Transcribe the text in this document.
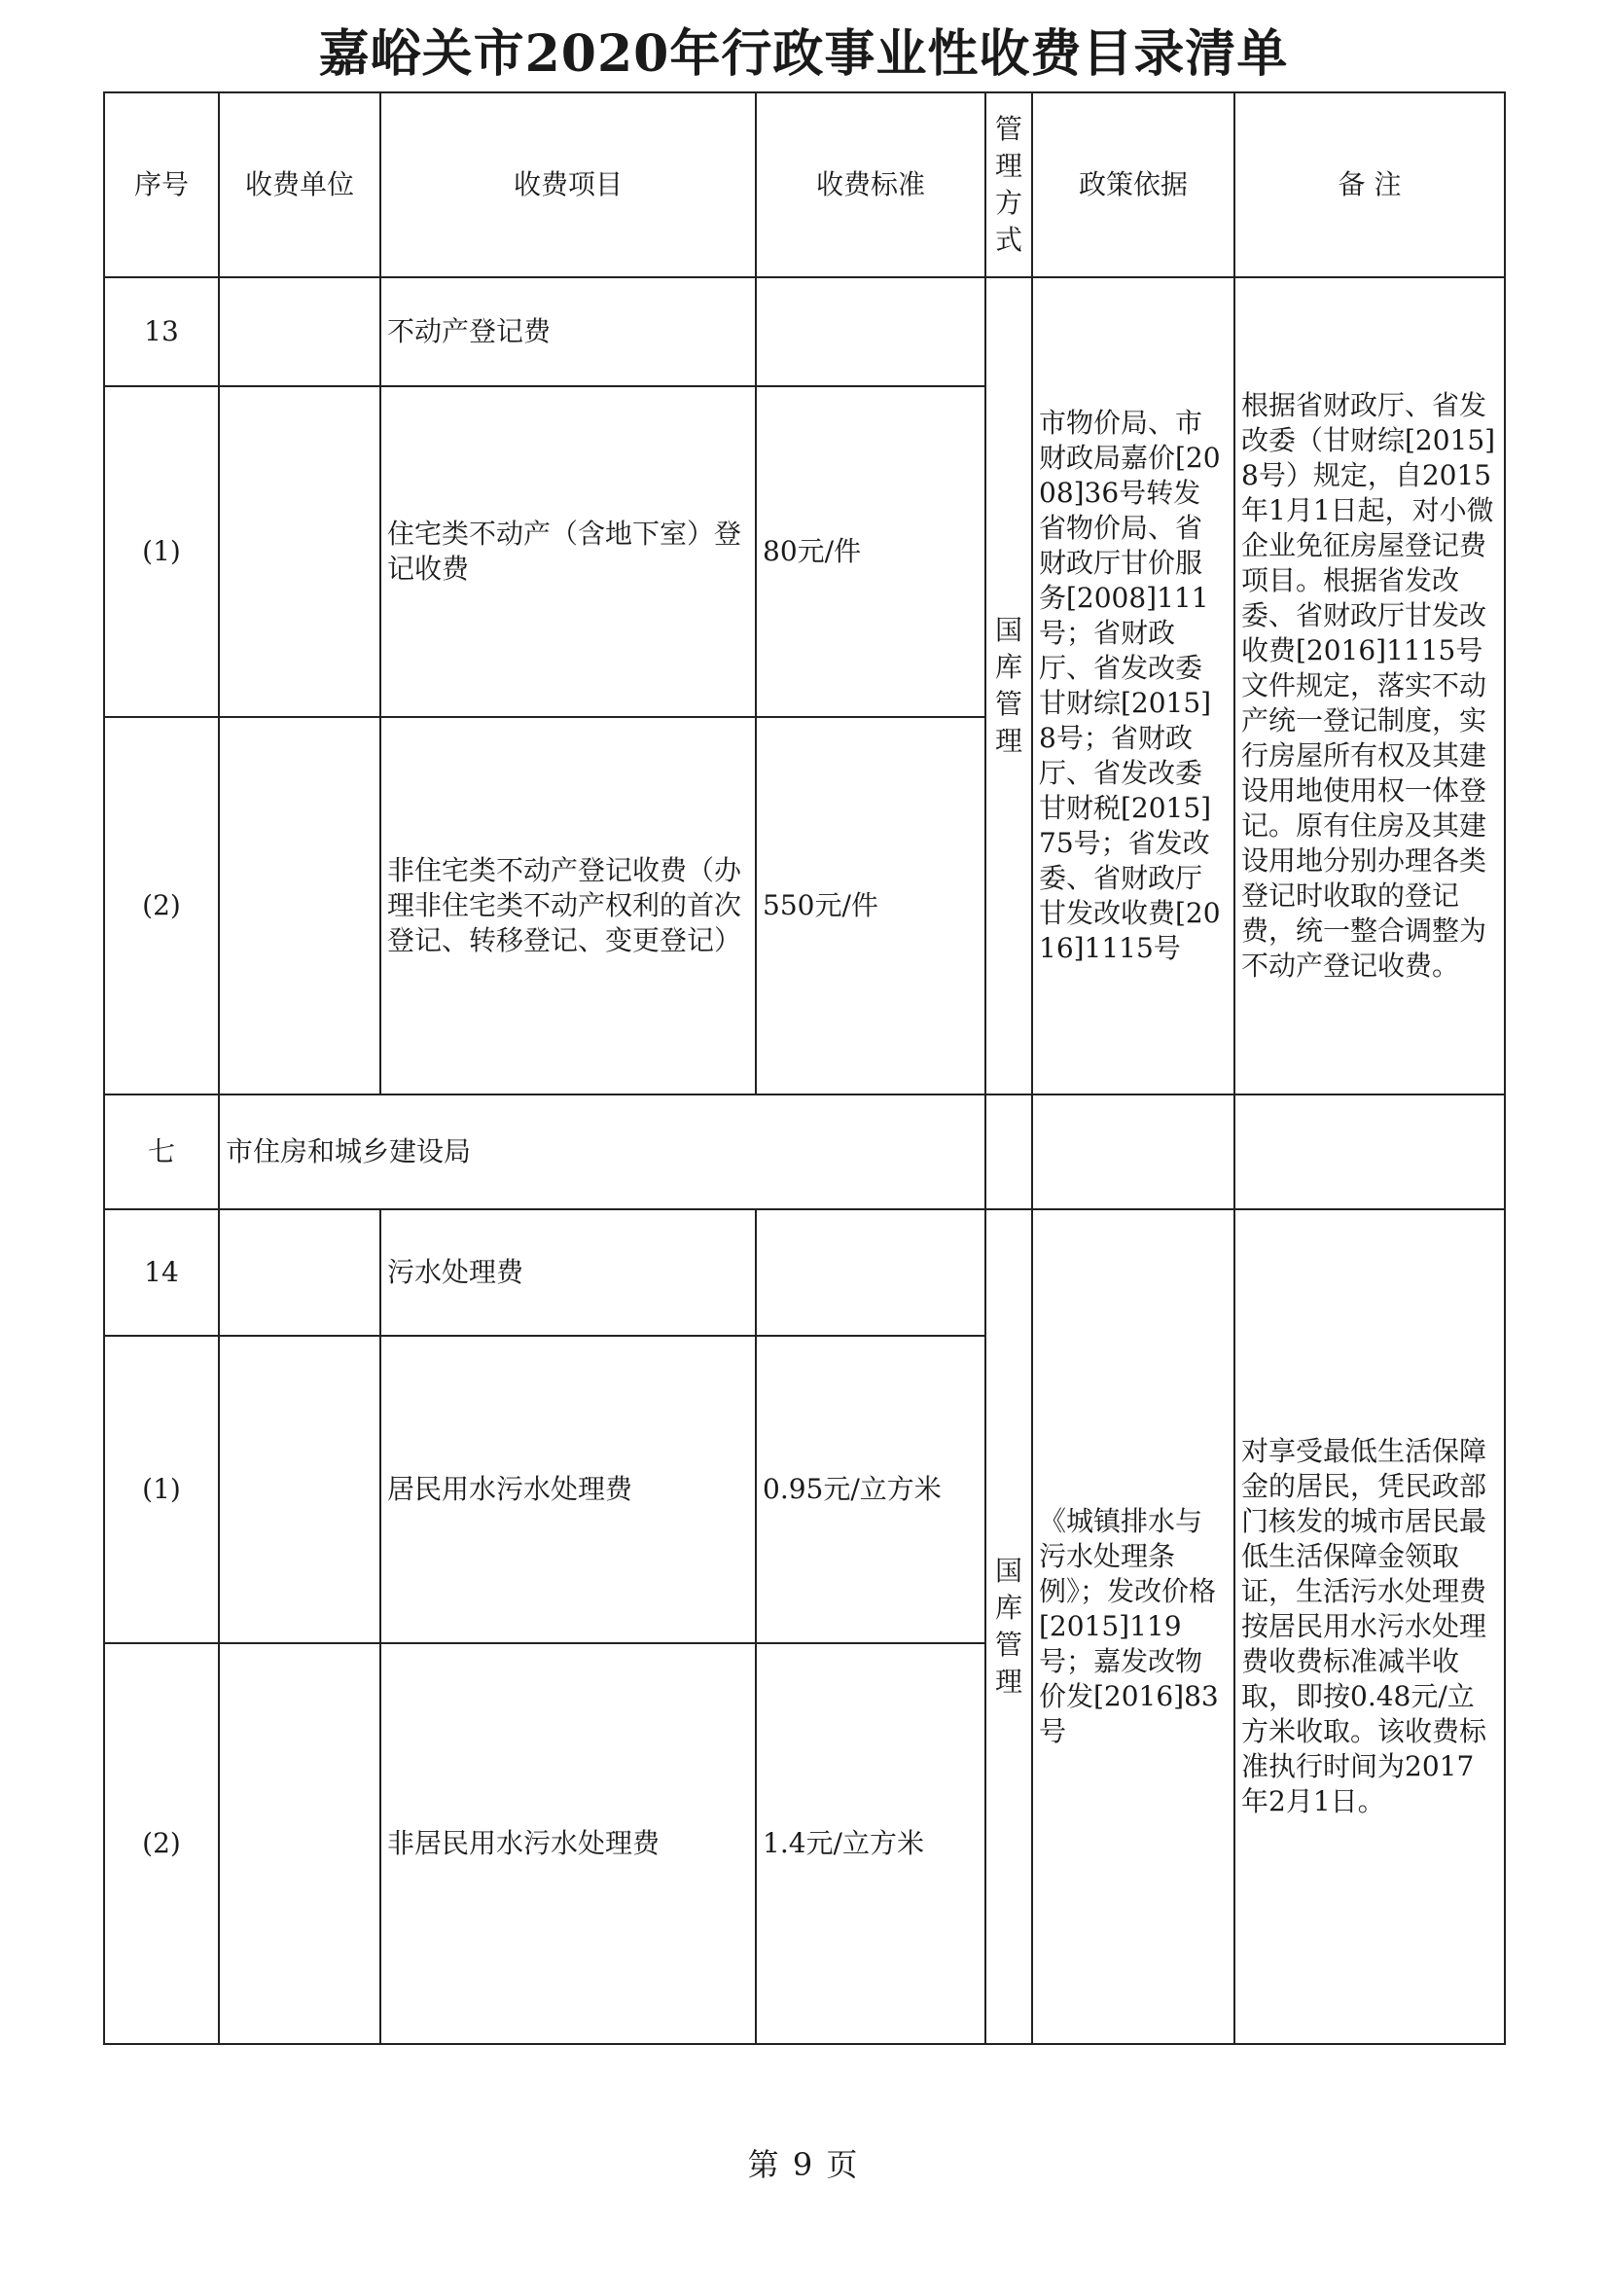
嘉峪关市2020年行政事业性收费目录清单
序号	收费单位	收费项目	收费标准	管理方式	政策依据	备 注
13		不动产登记费		国库管理	市物价局、市财政局嘉价[2008]36号转发省物价局、省财政厅甘价服务[2008]111号；省财政厅、省发改委甘财综[2015]8号；省财政厅、省发改委甘财税[2015]75号；省发改委、省财政厅甘发改收费[2016]1115号	根据省财政厅、省发改委（甘财综[2015]8号）规定，自2015年1月1日起，对小微企业免征房屋登记费项目。根据省发改委、省财政厅甘发改收费[2016]1115号文件规定，落实不动产统一登记制度，实行房屋所有权及其建设用地使用权一体登记。原有住房及其建设用地分别办理各类登记时收取的登记费，统一整合调整为不动产登记收费。
(1)		住宅类不动产（含地下室）登记收费	80元/件			
(2)		非住宅类不动产登记收费（办理非住宅类不动产权利的首次登记、转移登记、变更登记）	550元/件			
七	市住房和城乡建设局					
14		污水处理费		国库管理	《城镇排水与污水处理条例》；发改价格[2015]119号；嘉发改物价发[2016]83号	对享受最低生活保障金的居民，凭民政部门核发的城市居民最低生活保障金领取证，生活污水处理费按居民用水污水处理费收费标准减半收取，即按0.48元/立方米收取。该收费标准执行时间为2017年2月1日。
(1)		居民用水污水处理费	0.95元/立方米			
(2)		非居民用水污水处理费	1.4元/立方米			
第 9 页
